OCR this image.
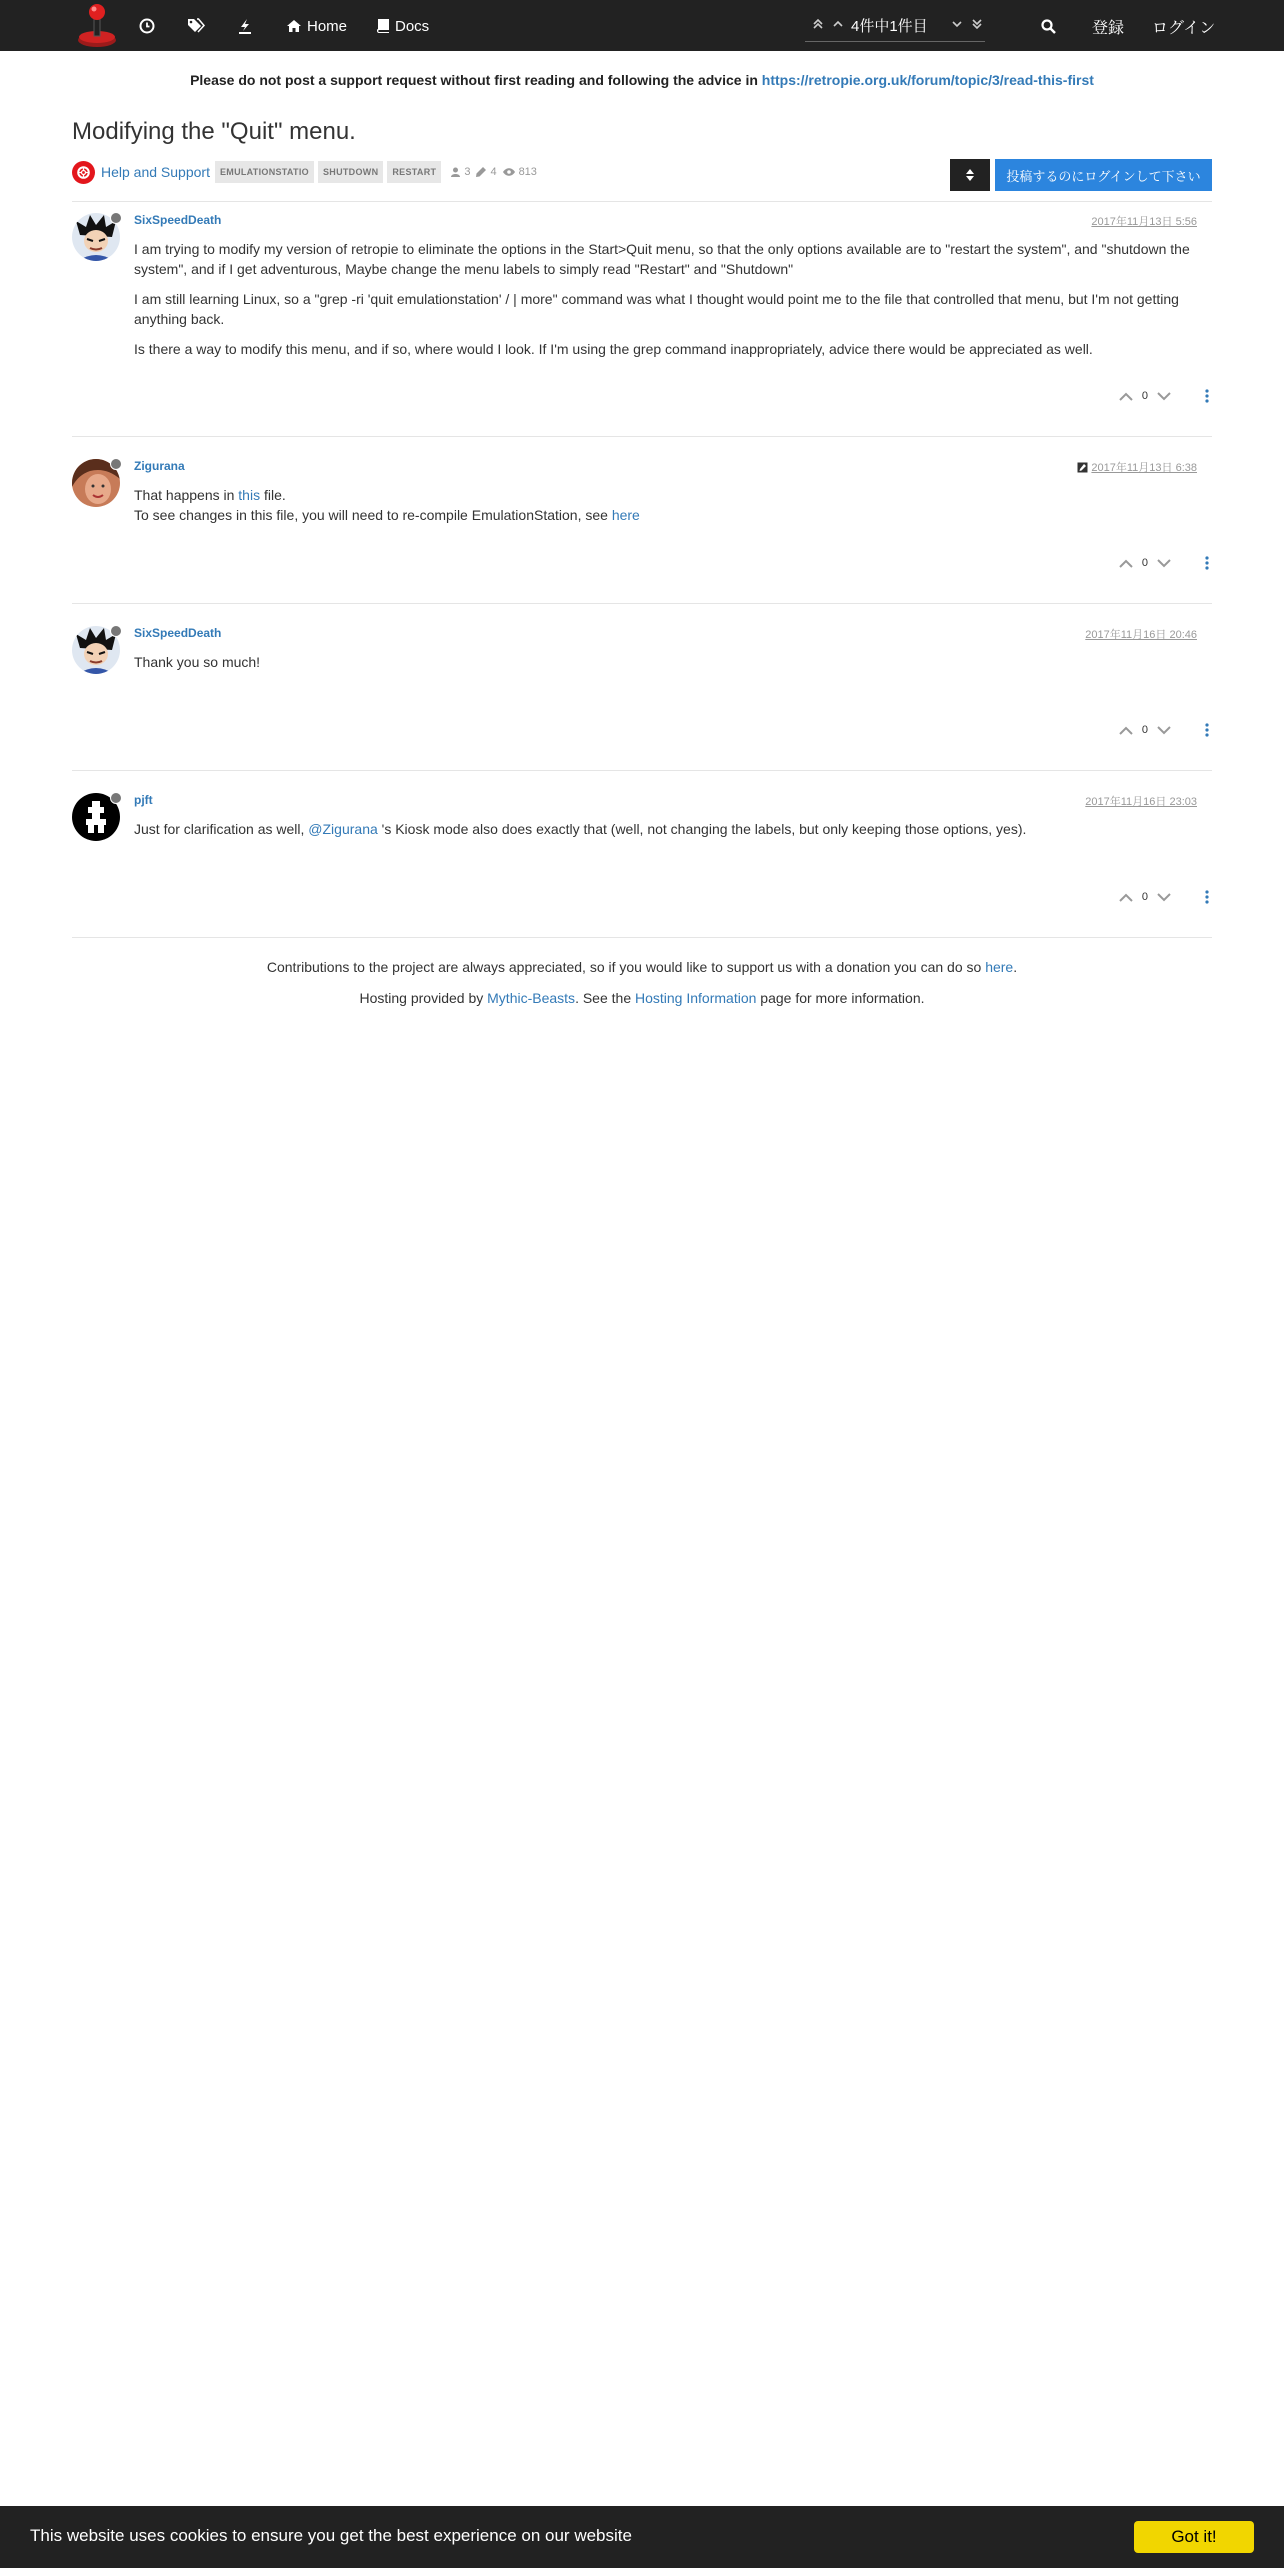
Home	Docs	4件中1件目	登録 ログイン
Please do not post a support request without first reading and following the advice in https://retropie.org.uk/forum/topic/3/read-this-first
Modifying the "Quit" menu.
Help and Support	EMULATIONSTATIO	SHUTDOWN	RESTART	3 4 813	投稿するのにログインして下さい
SixSpeedDeath	2017年11月13日 5:56

I am trying to modify my version of retropie to eliminate the options in the Start>Quit menu, so that the only options available are to "restart the system", and "shutdown the system", and if I get adventurous, Maybe change the menu labels to simply read "Restart" and "Shutdown"

I am still learning Linux, so a "grep -ri 'quit emulationstation' / | more" command was what I thought would point me to the file that controlled that menu, but I'm not getting anything back.

Is there a way to modify this menu, and if so, where would I look. If I'm using the grep command inappropriately, advice there would be appreciated as well.

0
Zigurana	2017年11月13日 6:38
That happens in this file.
To see changes in this file, you will need to re-compile EmulationStation, see here
0
SixSpeedDeath	2017年11月16日 20:46

Thank you so much!

0
pjft	2017年11月16日 23:03

Just for clarification as well, @Zigurana 's Kiosk mode also does exactly that (well, not changing the labels, but only keeping those options, yes).

0
Contributions to the project are always appreciated, so if you would like to support us with a donation you can do so here.
Hosting provided by Mythic-Beasts. See the Hosting Information page for more information.
This website uses cookies to ensure you get the best experience on our website	Got it!
